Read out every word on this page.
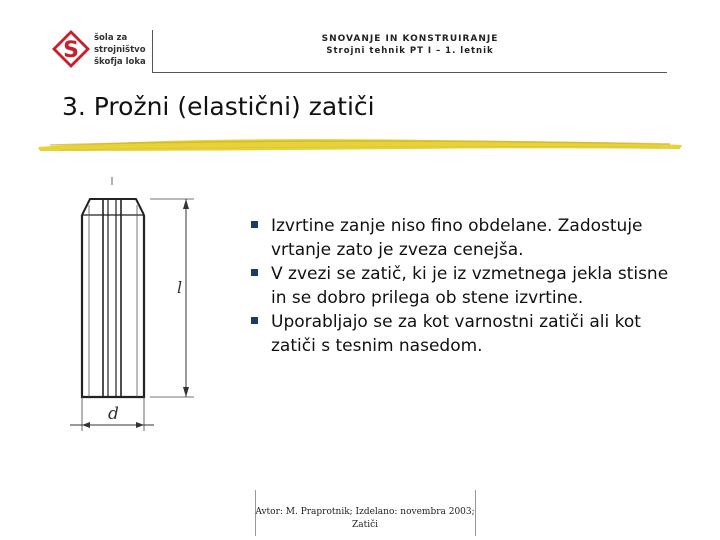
S šola za
strojništvo
škofja loka
SNOVANJE IN KONSTRUIRANJE
Strojni tehnik PT I – 1. letnik
3. Prožni (elastični) zatiči
l
d
Izvrtine zanje niso fino obdelane. Zadostuje vrtanje zato je zveza cenejša.
V zvezi se zatič, ki je iz vzmetnega jekla stisne in se dobro prilega ob stene izvrtine.
Uporabljajo se za kot varnostni zatiči ali kot zatiči s tesnim nasedom.
Avtor: M. Praprotnik; Izdelano: novembra 2003;
Zatiči
